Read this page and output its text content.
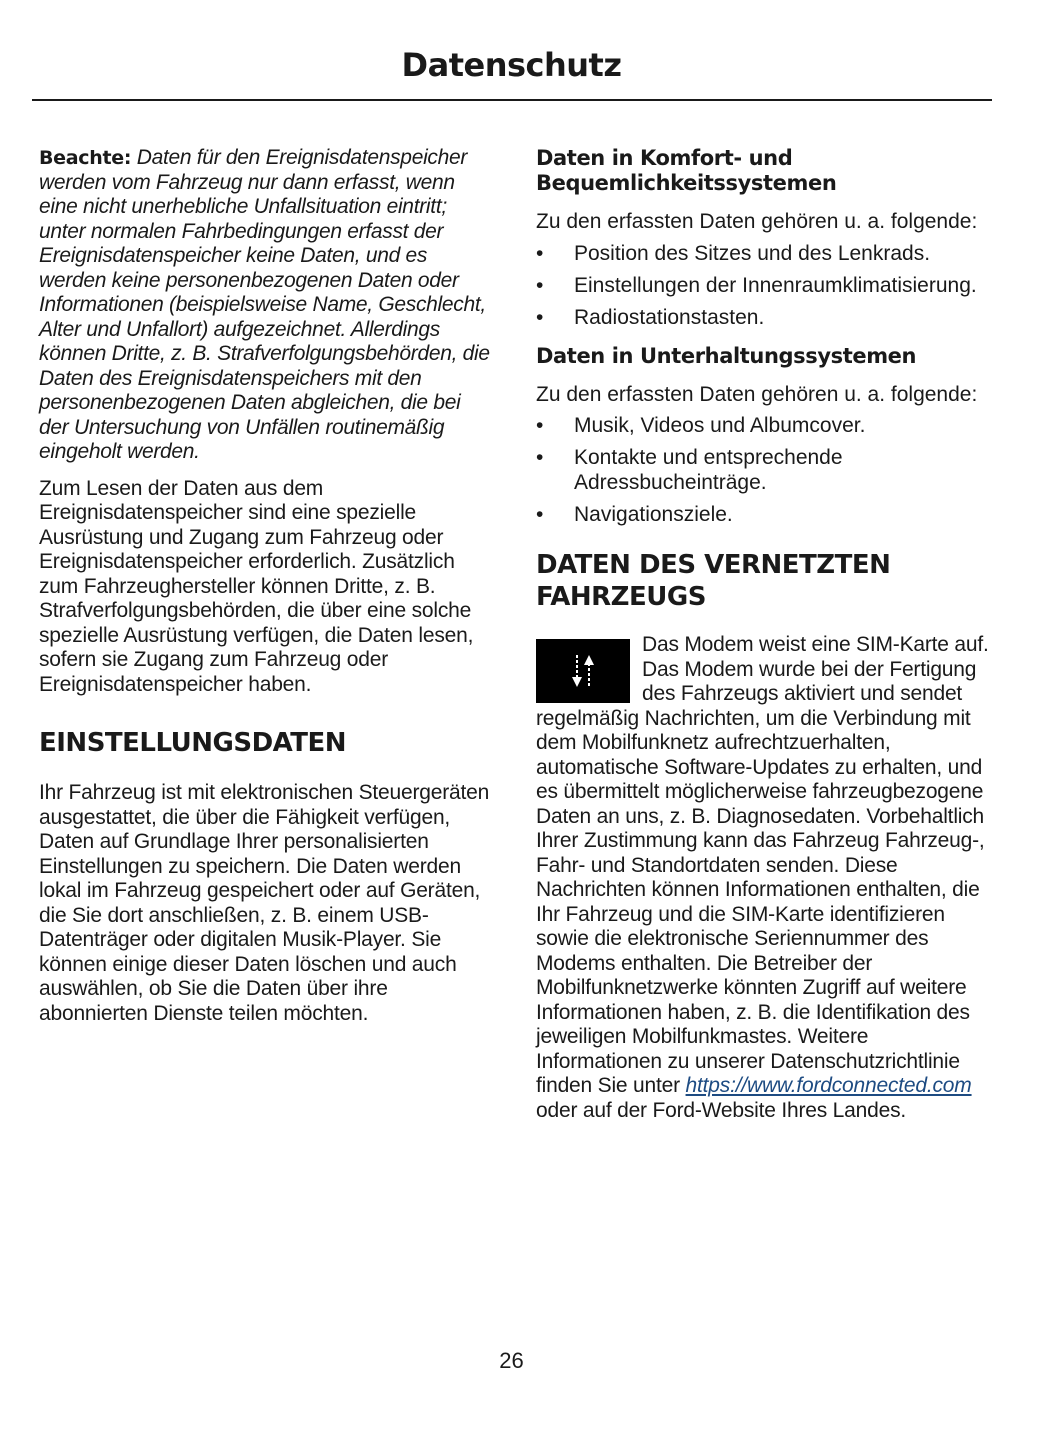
Datenschutz

Beachte: Daten für den Ereignisdatenspeicher werden vom Fahrzeug nur dann erfasst, wenn eine nicht unerhebliche Unfallsituation eintritt; unter normalen Fahrbedingungen erfasst der Ereignisdatenspeicher keine Daten, und es werden keine personenbezogenen Daten oder Informationen (beispielsweise Name, Geschlecht, Alter und Unfallort) aufgezeichnet. Allerdings können Dritte, z. B. Strafverfolgungsbehörden, die Daten des Ereignisdatenspeichers mit den personenbezogenen Daten abgleichen, die bei der Untersuchung von Unfällen routinemäßig eingeholt werden.

Zum Lesen der Daten aus dem Ereignisdatenspeicher sind eine spezielle Ausrüstung und Zugang zum Fahrzeug oder Ereignisdatenspeicher erforderlich. Zusätzlich zum Fahrzeughersteller können Dritte, z. B. Strafverfolgungsbehörden, die über eine solche spezielle Ausrüstung verfügen, die Daten lesen, sofern sie Zugang zum Fahrzeug oder Ereignisdatenspeicher haben.

EINSTELLUNGSDATEN

Ihr Fahrzeug ist mit elektronischen Steuergeräten ausgestattet, die über die Fähigkeit verfügen, Daten auf Grundlage Ihrer personalisierten Einstellungen zu speichern. Die Daten werden lokal im Fahrzeug gespeichert oder auf Geräten, die Sie dort anschließen, z. B. einem USB-Datenträger oder digitalen Musik-Player. Sie können einige dieser Daten löschen und auch auswählen, ob Sie die Daten über ihre abonnierten Dienste teilen möchten.

Daten in Komfort- und Bequemlichkeitssystemen

Zu den erfassten Daten gehören u. a. folgende:

• Position des Sitzes und des Lenkrads.
• Einstellungen der Innenraumklimatisierung.
• Radiostationstasten.
Daten in Unterhaltungssystemen

Zu den erfassten Daten gehören u. a. folgende:

• Musik, Videos und Albumcover.
• Kontakte und entsprechende Adressbucheinträge.
• Navigationsziele.
DATEN DES VERNETZTEN FAHRZEUGS

Das Modem weist eine SIM-Karte auf. Das Modem wurde bei der Fertigung des Fahrzeugs aktiviert und sendet regelmäßig Nachrichten, um die Verbindung mit dem Mobilfunknetz aufrechtzuerhalten, automatische Software-Updates zu erhalten, und es übermittelt möglicherweise fahrzeugbezogene Daten an uns, z. B. Diagnosedaten. Vorbehaltlich Ihrer Zustimmung kann das Fahrzeug Fahrzeug-, Fahr- und Standortdaten senden. Diese Nachrichten können Informationen enthalten, die Ihr Fahrzeug und die SIM-Karte identifizieren sowie die elektronische Seriennummer des Modems enthalten. Die Betreiber der Mobilfunknetzwerke könnten Zugriff auf weitere Informationen haben, z. B. die Identifikation des jeweiligen Mobilfunkmastes. Weitere Informationen zu unserer Datenschutzrichtlinie finden Sie unter https://www.fordconnected.com oder auf der Ford-Website Ihres Landes.

26
